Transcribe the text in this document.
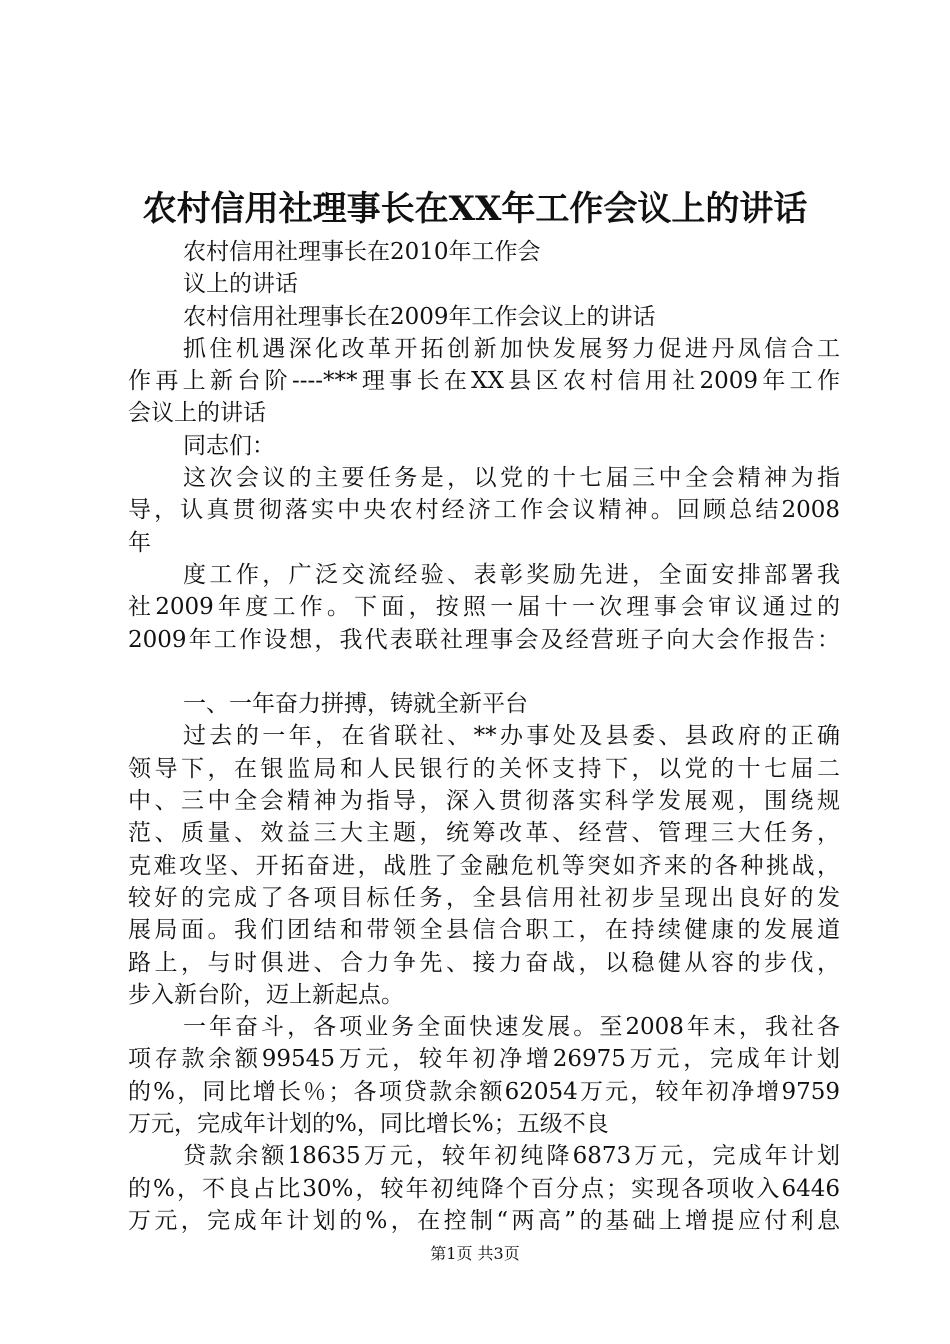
农村信用社理事长在XX年工作会议上的讲话
农村信用社理事长在2010年工作会
议上的讲话
农村信用社理事长在2009年工作会议上的讲话
抓住机遇深化改革开拓创新加快发展努力促进丹凤信合工
作再上新台阶----***理事长在XX县区农村信用社2009年工作
会议上的讲话
同志们：
这次会议的主要任务是，以党的十七届三中全会精神为指
导，认真贯彻落实中央农村经济工作会议精神。回顾总结2008
年
度工作，广泛交流经验、表彰奖励先进，全面安排部署我
社2009年度工作。下面，按照一届十一次理事会审议通过的
2009年工作设想，我代表联社理事会及经营班子向大会作报告：
一、一年奋力拼搏，铸就全新平台
过去的一年，在省联社、**办事处及县委、县政府的正确
领导下，在银监局和人民银行的关怀支持下，以党的十七届二
中、三中全会精神为指导，深入贯彻落实科学发展观，围绕规
范、质量、效益三大主题，统筹改革、经营、管理三大任务，
克难攻坚、开拓奋进，战胜了金融危机等突如齐来的各种挑战，
较好的完成了各项目标任务，全县信用社初步呈现出良好的发
展局面。我们团结和带领全县信合职工，在持续健康的发展道
路上，与时俱进、合力争先、接力奋战，以稳健从容的步伐，
步入新台阶，迈上新起点。
一年奋斗，各项业务全面快速发展。至2008年末，我社各
项存款余额99545万元，较年初净增26975万元，完成年计划
的%，同比增长％；各项贷款余额62054万元，较年初净增9759
万元，完成年计划的%，同比增长%；五级不良
贷款余额18635万元，较年初纯降6873万元，完成年计划
的%，不良占比30%，较年初纯降个百分点；实现各项收入6446
万元，完成年计划的%，在控制“两高”的基础上增提应付利息
第1页 共3页
